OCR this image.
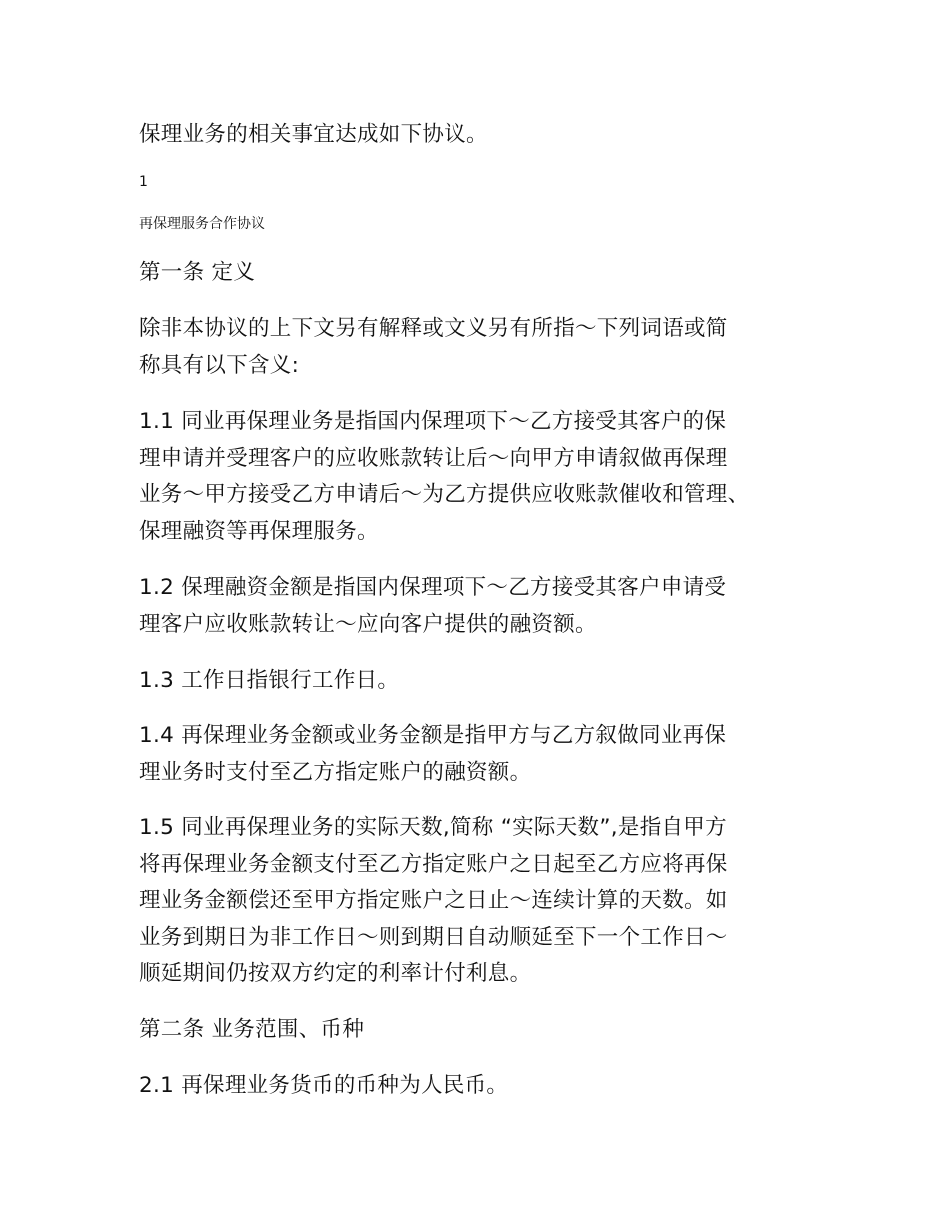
保理业务的相关事宜达成如下协议。
1
再保理服务合作协议
第一条 定义
除非本协议的上下文另有解释或文义另有所指～下列词语或简
称具有以下含义:
1.1 同业再保理业务是指国内保理项下～乙方接受其客户的保
理申请并受理客户的应收账款转让后～向甲方申请叙做再保理
业务～甲方接受乙方申请后～为乙方提供应收账款催收和管理、
保理融资等再保理服务。
1.2 保理融资金额是指国内保理项下～乙方接受其客户申请受
理客户应收账款转让～应向客户提供的融资额。
1.3 工作日指银行工作日。
1.4 再保理业务金额或业务金额是指甲方与乙方叙做同业再保
理业务时支付至乙方指定账户的融资额。
1.5 同业再保理业务的实际天数,简称 “实际天数”,是指自甲方
将再保理业务金额支付至乙方指定账户之日起至乙方应将再保
理业务金额偿还至甲方指定账户之日止～连续计算的天数。如
业务到期日为非工作日～则到期日自动顺延至下一个工作日～
顺延期间仍按双方约定的利率计付利息。
第二条 业务范围、币种
2.1 再保理业务货币的币种为人民币。
